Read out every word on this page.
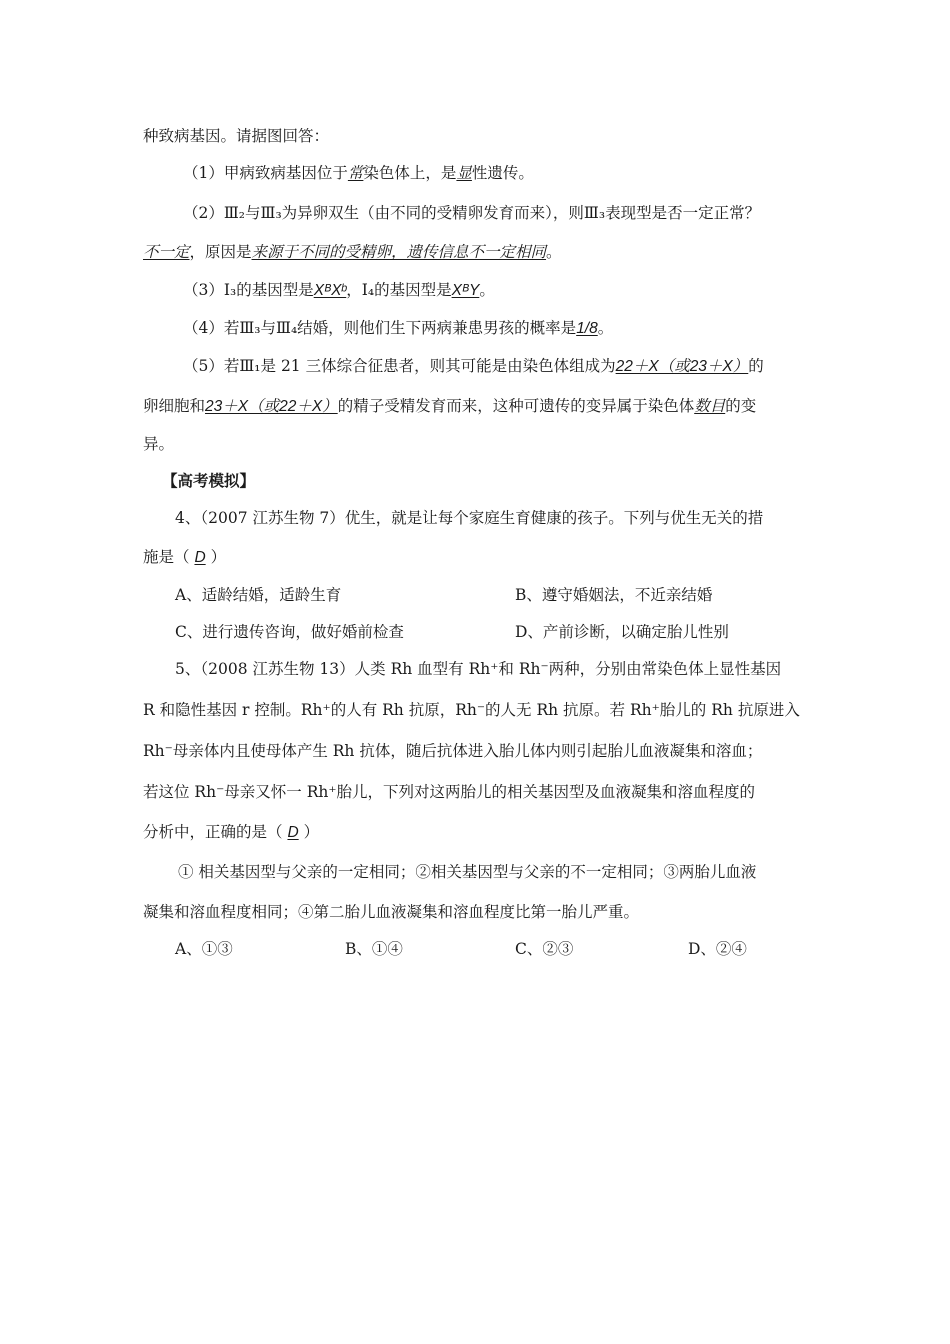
种致病基因。请据图回答：
（1）甲病致病基因位于常染色体上，是显性遗传。
（2）Ⅲ₂与Ⅲ₃为异卵双生（由不同的受精卵发育而来），则Ⅲ₃表现型是否一定正常？
不一定，原因是来源于不同的受精卵，遗传信息不一定相同。
（3）Ⅰ₃的基因型是XᴮXᵇ，Ⅰ₄的基因型是XᴮY。
（4）若Ⅲ₃与Ⅲ₄结婚，则他们生下两病兼患男孩的概率是1/8。
（5）若Ⅲ₁是 21 三体综合征患者，则其可能是由染色体组成为22＋X（或23＋X）的
卵细胞和23＋X（或22＋X）的精子受精发育而来，这种可遗传的变异属于染色体数目的变
异。
【高考模拟】
4、（2007 江苏生物 7）优生，就是让每个家庭生育健康的孩子。下列与优生无关的措
施是（ D ）
A、适龄结婚，适龄生育	B、遵守婚姻法，不近亲结婚
C、进行遗传咨询，做好婚前检查	D、产前诊断，以确定胎儿性别
5、（2008 江苏生物 13）人类 Rh 血型有 Rh⁺和 Rh⁻两种，分别由常染色体上显性基因
R 和隐性基因 r 控制。Rh⁺的人有 Rh 抗原，Rh⁻的人无 Rh 抗原。若 Rh⁺胎儿的 Rh 抗原进入
Rh⁻母亲体内且使母体产生 Rh 抗体，随后抗体进入胎儿体内则引起胎儿血液凝集和溶血；
若这位 Rh⁻母亲又怀一 Rh⁺胎儿，下列对这两胎儿的相关基因型及血液凝集和溶血程度的
分析中，正确的是（ D ）
① 相关基因型与父亲的一定相同；②相关基因型与父亲的不一定相同；③两胎儿血液
凝集和溶血程度相同；④第二胎儿血液凝集和溶血程度比第一胎儿严重。
A、①③	B、①④	C、②③	D、②④
